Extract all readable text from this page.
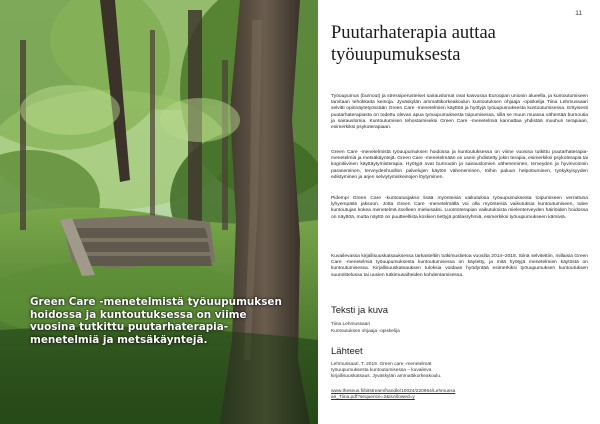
Green Care -menetelmistä työuupumuksen hoidossa ja kuntoutuksessa on viime vuosina tutkittu puutarhaterapia-menetelmiä ja metsäkäyntejä.

11

Puutarhaterapia auttaa työuupumuksesta

Työuupumus (burnout) ja stressiperusteiset sairauslomat ovat kasvussa Euroopan unionin alueella, ja kuntoutumiseen tarvitaan tehokkaita keinoja. Jyväskylän ammattikorkeakoulun kuntoutuksen ohjaaja -opiskelija Tiina Lehmussaari selvitti opinnäytetyössään Green Care -menetelmien käyttöä ja hyötyjä työuupumuksesta kuntoutumisessa. Erityisesti puutarhaterapiasta on todettu olevan apua työuupumuksesta toipumisessa, sillä se muun muassa vähentää burnoutia ja sairauslomia. Kuntoutumisen tehostamiseksi Green Care -menetelmiä kannattaa yhdistää muuhun terapiaan, esimerkiksi psykoterapiaan.

Green Care -menetelmistä työuupumuksen hoidossa ja kuntoutuksessa on viime vuosina tutkittu puutarhaterapia-menetelmiä ja metsäkäyntejä. Green Care -menetelmään on usein yhdistetty jokin terapia, esimerkiksi psykoterapia tai kognitiivinen käyttäytymisterapia. Hyötyjä ovat burnoutin ja sairauslomien väheneminen, terveyden ja hyvinvoinnin paraneminen, terveydenhuollon palvelujen käytön väheneminen, töihin paluun helpottuminen, työkykyisyyden edistyminen ja arjen selviytymiskeinojen löytyminen.

Pidempi Green Care -kuntoutusjakso lisää myönteisiä vaikutuksia työuupumuksesta toipumiseen verrattuna lyhyempään jaksoon. Jotta Green Care -menetelmällä voi olla myönteisiä vaikutuksia kuntoutumiseen, tulee kuntoutujan kokea menetelmä itselleen mieluisaksi. Luontoterapian vaikutuksista mielenterveyden häiriöiden hoidossa on näyttöä, mutta näyttö on puutteellista koskien tiettyjä potilasryhmiä, esimerkiksi työuupumukseen kärsiviä.

Kuvailevassa kirjallisuuskatsauksessa tarkasteltiin tutkimustietoa vuosilta 2014–2018. Siinä selvitettiin, millaisia Green Care -menetelmiä työuupumuksesta kuntoutumisessa on käytetty, ja mitä hyötyjä menetelmien käytöstä on kuntoutumisessa. Kirjallisuuskatsauksen tuloksia voidaan hyödyntää esimerkiksi työuupumuksen kuntoutuksen suunnittelussa tai uusien tutkimusaiheiden kohdentamisessa.

Teksti ja kuva

Tiina Lehmussaari

Kuntoutuksen ohjaaja -opiskelija

Lähteet

Lehmussaari, T. 2019. Green care -menetelmät työuupumuksesta kuntoutumisessa – kuvaileva kirjallisuuskatsaus. Jyväskylän ammattikorkeakoulu.

www.theseus.fi/bitstream/handle/10024/220964/Lehmussaari_Tiina.pdf?sequence=2&isAllowed=y
